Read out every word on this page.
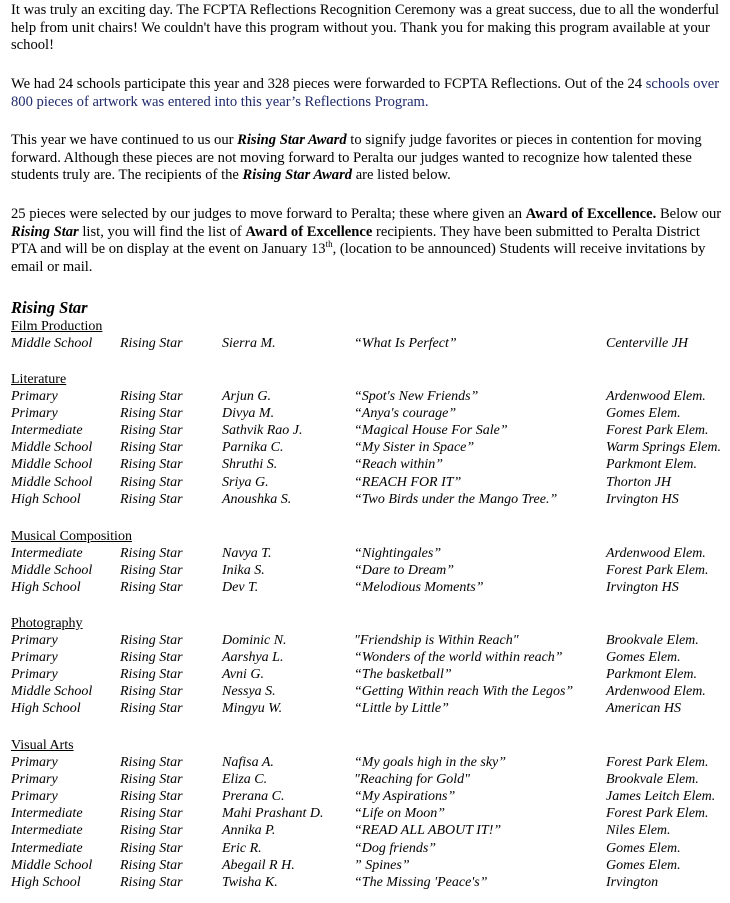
It was truly an exciting day. The FCPTA Reflections Recognition Ceremony was a great success, due to all the wonderful help from unit chairs! We couldn't have this program without you. Thank you for making this program available at your school!

We had 24 schools participate this year and 328 pieces were forwarded to FCPTA Reflections. Out of the 24 schools over 800 pieces of artwork was entered into this year’s Reflections Program.

This year we have continued to us our Rising Star Award to signify judge favorites or pieces in contention for moving forward. Although these pieces are not moving forward to Peralta our judges wanted to recognize how talented these students truly are. The recipients of the Rising Star Award are listed below.

25 pieces were selected by our judges to move forward to Peralta; these where given an Award of Excellence. Below our Rising Star list, you will find the list of Award of Excellence recipients. They have been submitted to Peralta District PTA and will be on display at the event on January 13th, (location to be announced) Students will receive invitations by email or mail.

Rising Star
Film Production
Middle School Rising Star	Sierra M.	“What Is Perfect”	Centerville JH
Literature
Primary	Rising Star	Arjun G.	“Spot's New Friends”	Ardenwood Elem.
Primary	Rising Star	Divya M.	“Anya's courage”	Gomes Elem.
Intermediate	Rising Star	Sathvik Rao J.	“Magical House For Sale”	Forest Park Elem.
Middle School Rising Star	Parnika C.	“My Sister in Space”	Warm Springs Elem.
Middle School Rising Star	Shruthi S.	“Reach within”	Parkmont Elem.
Middle School Rising Star	Sriya G.	“REACH FOR IT”	Thorton JH
High School	Rising Star	Anoushka S.	“Two Birds under the Mango Tree.”	Irvington HS
Musical Composition
Intermediate	Rising Star	Navya T.	“Nightingales”	Ardenwood Elem.
Middle School Rising Star	Inika S.	“Dare to Dream”	Forest Park Elem.
High School	Rising Star	Dev T.	“Melodious Moments”	Irvington HS
Photography
Primary	Rising Star	Dominic N.	"Friendship is Within Reach"	Brookvale Elem.
Primary	Rising Star	Aarshya L.	“Wonders of the world within reach”	Gomes Elem.
Primary	Rising Star	Avni G.	“The basketball”	Parkmont Elem.
Middle School Rising Star	Nessya S.	“Getting Within reach With the Legos” Ardenwood Elem.
High School	Rising Star	Mingyu W.	“Little by Little”	American HS
Visual Arts
Primary	Rising Star	Nafisa A.	“My goals high in the sky”	Forest Park Elem.
Primary	Rising Star	Eliza C.	"Reaching for Gold"	Brookvale Elem.
Primary	Rising Star	Prerana C.	“My Aspirations”	James Leitch Elem.
Intermediate	Rising Star	Mahi Prashant D. “Life on Moon”	Forest Park Elem.
Intermediate	Rising Star	Annika P.	“READ ALL ABOUT IT!”	Niles Elem.
Intermediate	Rising Star	Eric R.	“Dog friends”	Gomes Elem.
Middle School Rising Star	Abegail R H.	” Spines”	Gomes Elem.
High School	Rising Star	Twisha K.	“The Missing 'Peace's”	Irvington
